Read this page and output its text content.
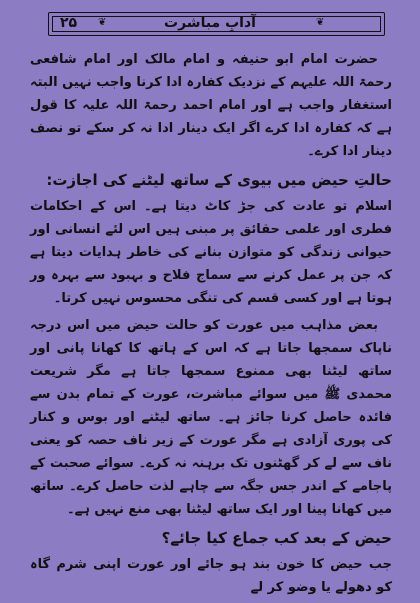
۲۵ ❦	آدابِ مباشرت	❦

حضرت امام ابو حنیفہ و امام مالک اور امام شافعی رحمۃ اللہ علیہم کے نزدیک کفارہ ادا کرنا واجب نہیں البتہ استغفار واجب ہے اور امام احمد رحمۃ اللہ علیہ کا قول ہے کہ کفارہ ادا کرے اگر ایک دینار ادا نہ کر سکے تو نصف دینار ادا کرے۔

حالتِ حیض میں بیوی کے ساتھ لیٹنے کی اجازت:

اسلام تو عادت کی جڑ کاٹ دیتا ہے۔ اس کے احکامات فطری اور علمی حقائق پر مبنی ہیں اس لئے انسانی اور حیوانی زندگی کو متوازن بنانے کی خاطر ہدایات دیتا ہے کہ جن پر عمل کرنے سے سماج فلاح و بہبود سے بہرہ ور ہوتا ہے اور کسی قسم کی تنگی محسوس نہیں کرتا۔

بعض مذاہب میں عورت کو حالت حیض میں اس درجہ ناپاک سمجھا جاتا ہے کہ اس کے ہاتھ کا کھانا پانی اور ساتھ لیٹنا بھی ممنوع سمجھا جاتا ہے مگر شریعت محمدی ﷺ میں سوائے مباشرت، عورت کے تمام بدن سے فائدہ حاصل کرنا جائز ہے۔ ساتھ لیٹنے اور بوس و کنار کی پوری آزادی ہے مگر عورت کے زیر ناف حصہ کو یعنی ناف سے لے کر گھٹنوں تک برہنہ نہ کرے۔ سوائے صحبت کے پاجامے کے اندر جس جگہ سے چاہے لذت حاصل کرے۔ ساتھ میں کھانا پینا اور ایک ساتھ لیٹنا بھی منع نہیں ہے۔

حیض کے بعد کب جماع کیا جائے؟

جب حیض کا خون بند ہو جائے اور عورت اپنی شرم گاہ کو دھولے یا وضو کر لے
